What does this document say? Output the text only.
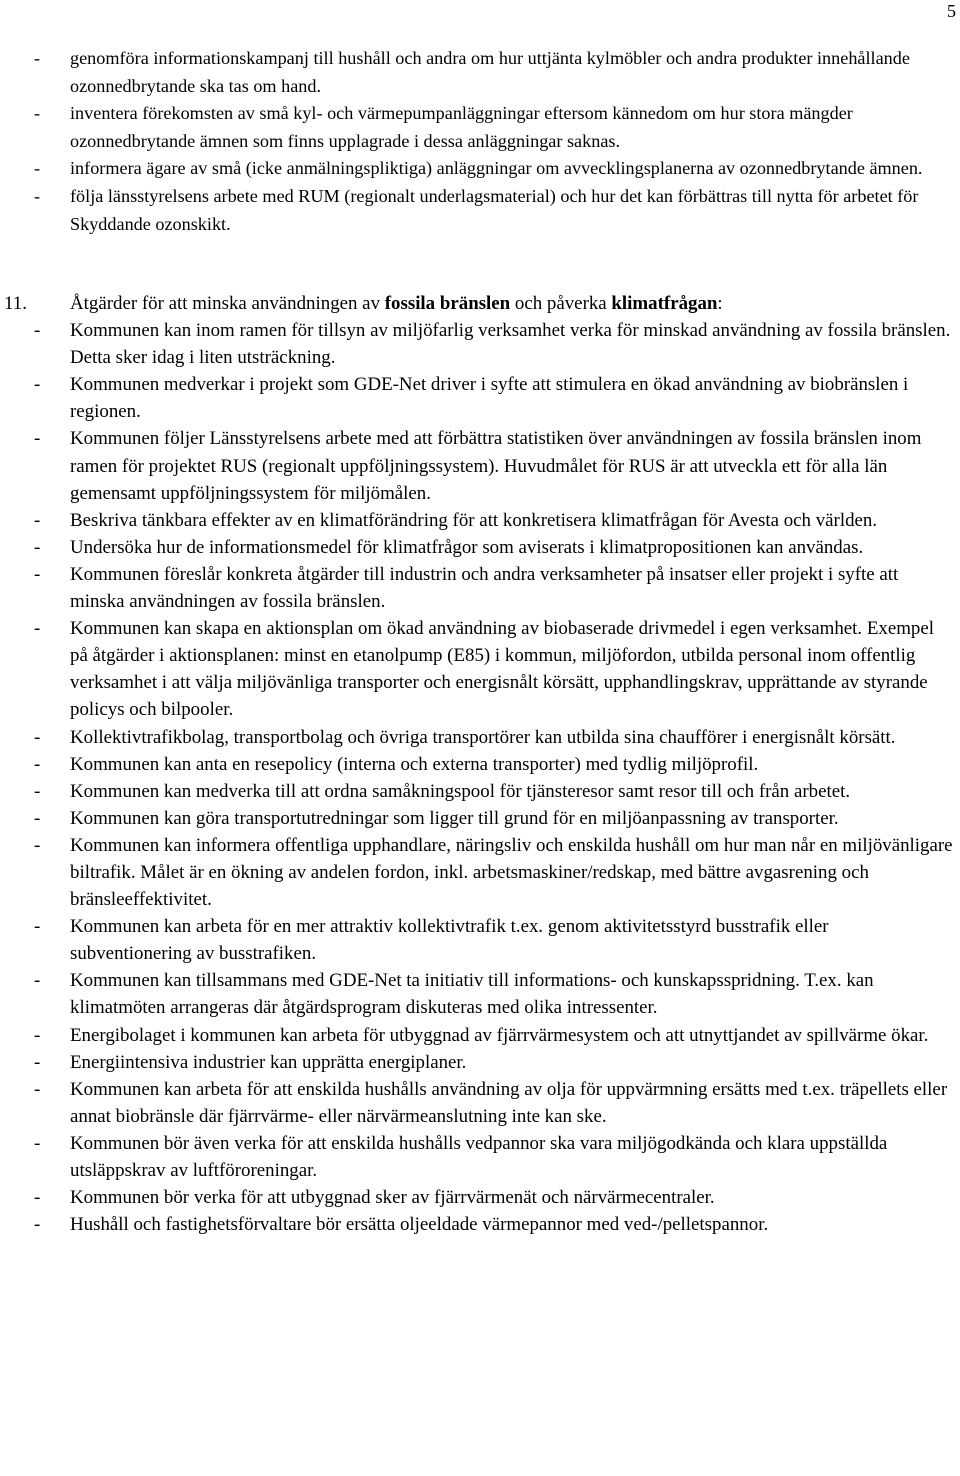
5
- genomföra informationskampanj till hushåll och andra om hur uttjänta kylmöbler och andra produkter innehållande ozonnedbrytande ska tas om hand.
- inventera förekomsten av små kyl- och värmepumpanläggningar eftersom kännedom om hur stora mängder ozonnedbrytande ämnen som finns upplagrade i dessa anläggningar saknas.
- informera ägare av små (icke anmälningspliktiga) anläggningar om avvecklingsplanerna av ozonnedbrytande ämnen.
- följa länsstyrelsens arbete med RUM (regionalt underlagsmaterial) och hur det kan förbättras till nytta för arbetet för Skyddande ozonskikt.
11. Åtgärder för att minska användningen av fossila bränslen och påverka klimatfrågan:
- Kommunen kan inom ramen för tillsyn av miljöfarlig verksamhet verka för minskad användning av fossila bränslen. Detta sker idag i liten utsträckning.
- Kommunen medverkar i projekt som GDE-Net driver i syfte att stimulera en ökad användning av biobränslen i regionen.
- Kommunen följer Länsstyrelsens arbete med att förbättra statistiken över användningen av fossila bränslen inom ramen för projektet RUS (regionalt uppföljningssystem). Huvudmålet för RUS är att utveckla ett för alla län gemensamt uppföljningssystem för miljömålen.
- Beskriva tänkbara effekter av en klimatförändring för att konkretisera klimatfrågan för Avesta och världen.
- Undersöka hur de informationsmedel för klimatfrågor som aviserats i klimatpropositionen kan användas.
- Kommunen föreslår konkreta åtgärder till industrin och andra verksamheter på insatser eller projekt i syfte att minska användningen av fossila bränslen.
- Kommunen kan skapa en aktionsplan om ökad användning av biobaserade drivmedel i egen verksamhet. Exempel på åtgärder i aktionsplanen: minst en etanolpump (E85) i kommun, miljöfordon, utbilda personal inom offentlig verksamhet i att välja miljövänliga transporter och energisnålt körsätt, upphandlingskrav, upprättande av styrande policys och bilpooler.
- Kollektivtrafikbolag, transportbolag och övriga transportörer kan utbilda sina chaufförer i energisnålt körsätt.
- Kommunen kan anta en resepolicy (interna och externa transporter) med tydlig miljöprofil.
- Kommunen kan medverka till att ordna samåkningspool för tjänsteresor samt resor till och från arbetet.
- Kommunen kan göra transportutredningar som ligger till grund för en miljöanpassning av transporter.
- Kommunen kan informera offentliga upphandlare, näringsliv och enskilda hushåll om hur man når en miljövänligare biltrafik. Målet är en ökning av andelen fordon, inkl. arbetsmaskiner/redskap, med bättre avgasrening och bränsleeffektivitet.
- Kommunen kan arbeta för en mer attraktiv kollektivtrafik t.ex. genom aktivitetsstyrd busstrafik eller subventionering av busstrafiken.
- Kommunen kan tillsammans med GDE-Net ta initiativ till informations- och kunskapsspridning. T.ex. kan klimatmöten arrangeras där åtgärdsprogram diskuteras med olika intressenter.
- Energibolaget i kommunen kan arbeta för utbyggnad av fjärrvärmesystem och att utnyttjandet av spillvärme ökar.
- Energiintensiva industrier kan upprätta energiplaner.
- Kommunen kan arbeta för att enskilda hushålls användning av olja för uppvärmning ersätts med t.ex. träpellets eller annat biobränsle där fjärrvärme- eller närvärmeanslutning inte kan ske.
- Kommunen bör även verka för att enskilda hushålls vedpannor ska vara miljögodkända och klara uppställda utsläppskrav av luftföroreningar.
- Kommunen bör verka för att utbyggnad sker av fjärrvärmenät och närvärmecentraler.
- Hushåll och fastighetsförvaltare bör ersätta oljeeldade värmepannor med ved-/pelletspannor.
